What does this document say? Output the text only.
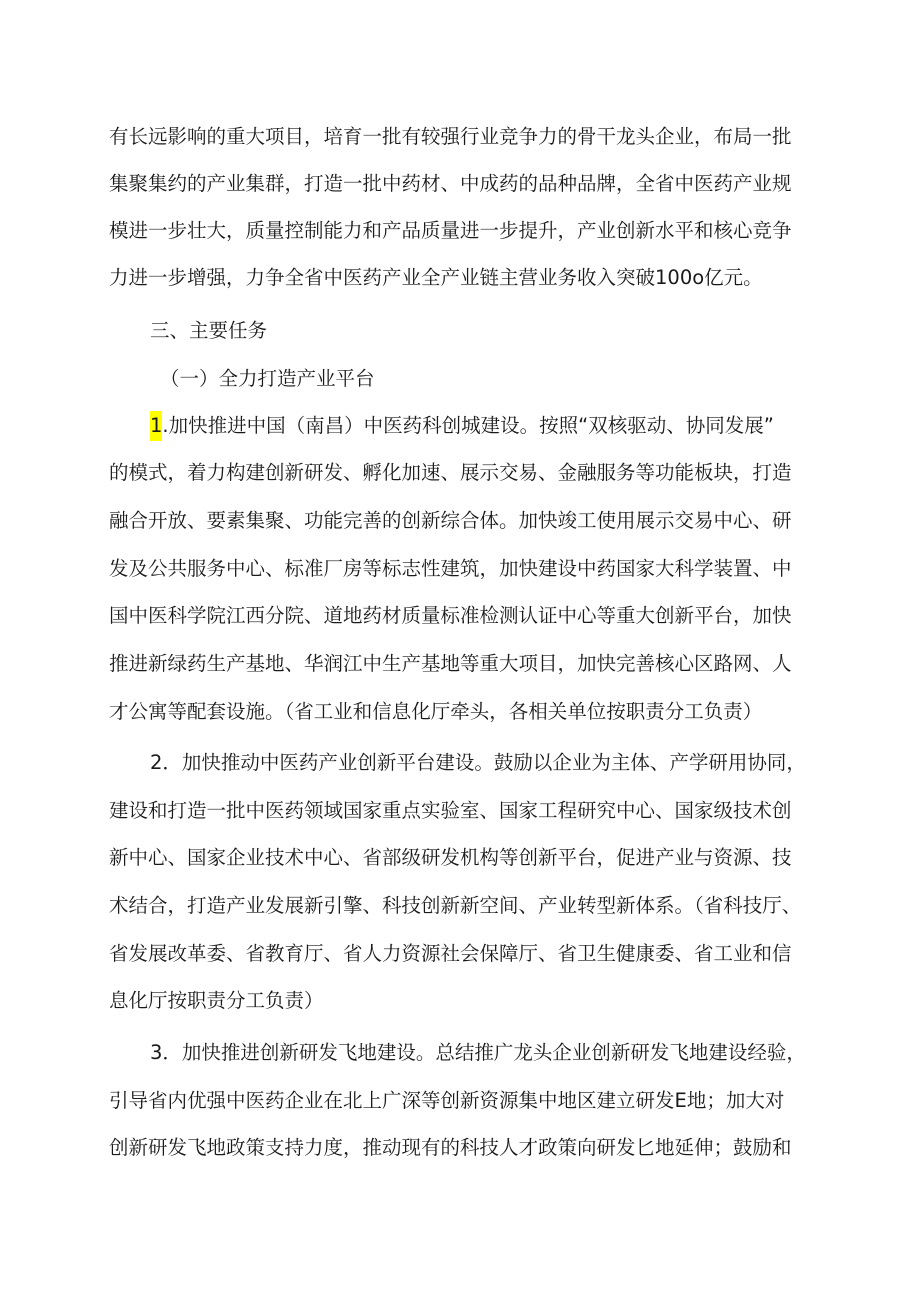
有长远影响的重大项目，培育一批有较强行业竞争力的骨干龙头企业，布局一批
集聚集约的产业集群，打造一批中药材、中成药的品种品牌，全省中医药产业规
模进一步壮大，质量控制能力和产品质量进一步提升，产业创新水平和核心竞争
力进一步增强，力争全省中医药产业全产业链主营业务收入突破100o亿元。
三、主要任务
（一）全力打造产业平台
1.加快推进中国（南昌）中医药科创城建设。按照“双核驱动、协同发展”
的模式，着力构建创新研发、孵化加速、展示交易、金融服务等功能板块，打造
融合开放、要素集聚、功能完善的创新综合体。加快竣工使用展示交易中心、研
发及公共服务中心、标准厂房等标志性建筑，加快建设中药国家大科学装置、中
国中医科学院江西分院、道地药材质量标准检测认证中心等重大创新平台，加快
推进新绿药生产基地、华润江中生产基地等重大项目，加快完善核心区路网、人
才公寓等配套设施。（省工业和信息化厅牵头，各相关单位按职责分工负责）
2．加快推动中医药产业创新平台建设。鼓励以企业为主体、产学研用协同，
建设和打造一批中医药领域国家重点实验室、国家工程研究中心、国家级技术创
新中心、国家企业技术中心、省部级研发机构等创新平台，促进产业与资源、技
术结合，打造产业发展新引擎、科技创新新空间、产业转型新体系。（省科技厅、
省发展改革委、省教育厅、省人力资源社会保障厅、省卫生健康委、省工业和信
息化厅按职责分工负责）
3．加快推进创新研发飞地建设。总结推广龙头企业创新研发飞地建设经验，
引导省内优强中医药企业在北上广深等创新资源集中地区建立研发E地；加大对
创新研发飞地政策支持力度，推动现有的科技人才政策向研发匕地延伸；鼓励和
